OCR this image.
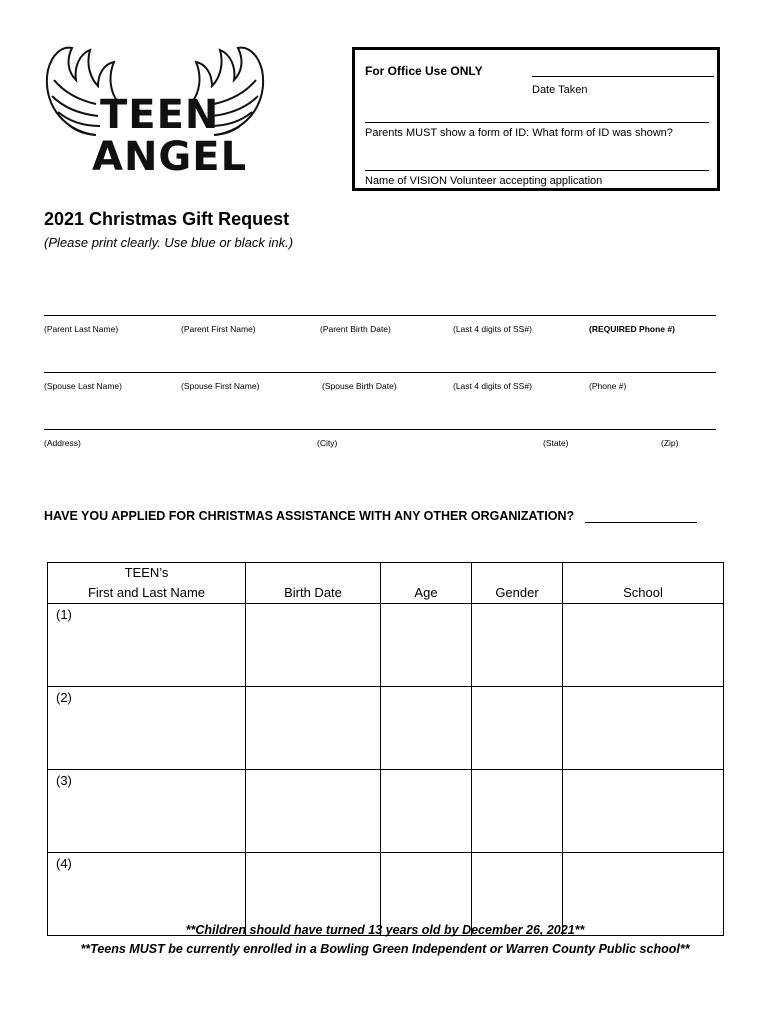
TEEN
ANGEL
For Office Use ONLY
Date Taken
Parents MUST show a form of ID: What form of ID was shown?
Name of VISION Volunteer accepting application
2021 Christmas Gift Request
(Please print clearly. Use blue or black ink.)
(Parent Last Name)	(Parent First Name)	(Parent Birth Date)	(Last 4 digits of SS#)	(REQUIRED Phone #)
(Spouse Last Name)	(Spouse First Name)	(Spouse Birth Date)	(Last 4 digits of SS#)	(Phone #)
(Address)	(City)	(State)	(Zip)
HAVE YOU APPLIED FOR CHRISTMAS ASSISTANCE WITH ANY OTHER ORGANIZATION?
TEEN’s
First and Last Name	Birth Date	Age	Gender	School
(1)				
(2)				
(3)				
(4)				
**Children should have turned 13 years old by December 26, 2021**
**Teens MUST be currently enrolled in a Bowling Green Independent or Warren County Public school**
